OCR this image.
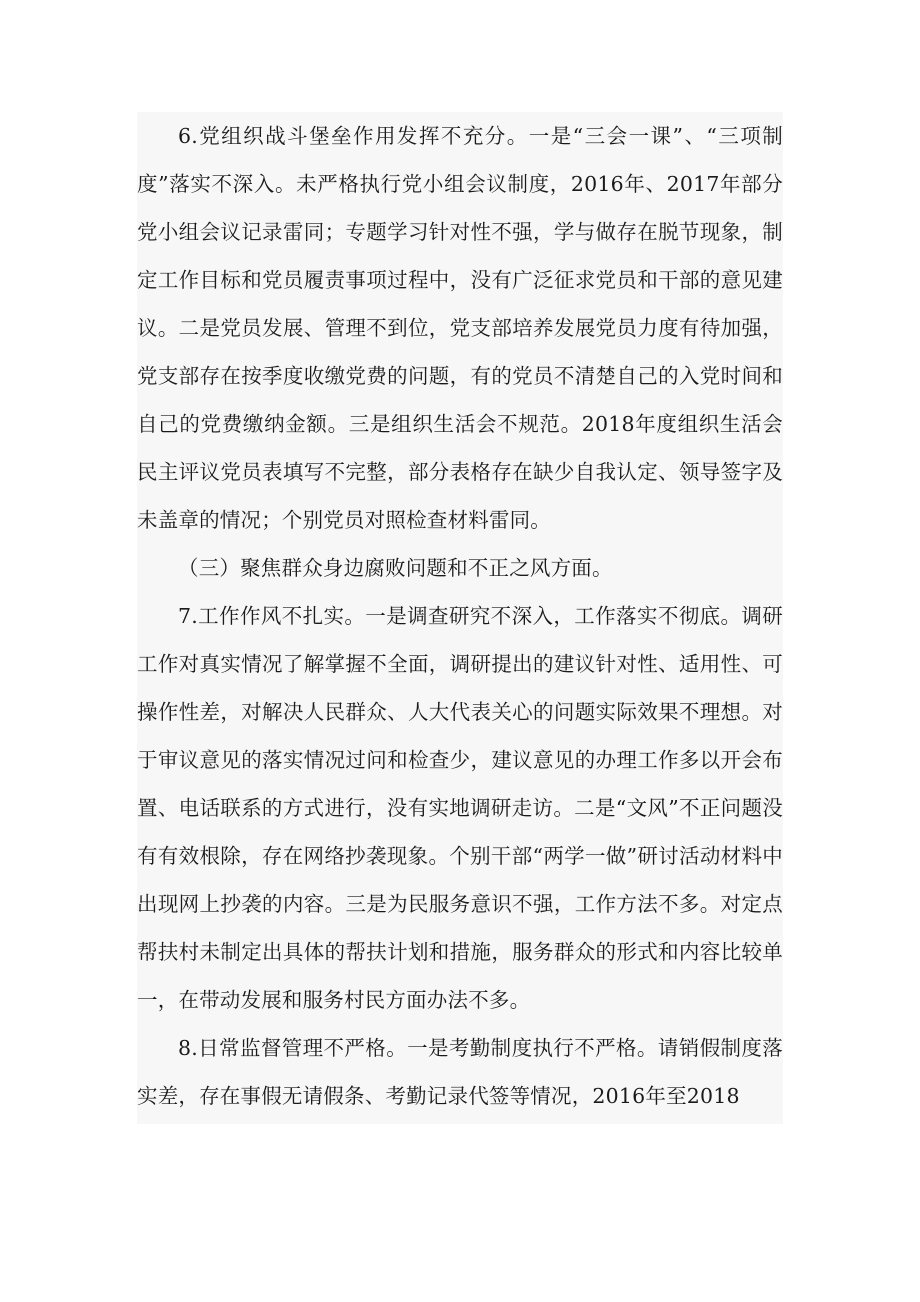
6.党组织战斗堡垒作用发挥不充分。一是“三会一课”、“三项制度”落实不深入。未严格执行党小组会议制度，2016年、2017年部分党小组会议记录雷同；专题学习针对性不强，学与做存在脱节现象，制定工作目标和党员履责事项过程中，没有广泛征求党员和干部的意见建议。二是党员发展、管理不到位，党支部培养发展党员力度有待加强，党支部存在按季度收缴党费的问题，有的党员不清楚自己的入党时间和自己的党费缴纳金额。三是组织生活会不规范。2018年度组织生活会民主评议党员表填写不完整，部分表格存在缺少自我认定、领导签字及未盖章的情况；个别党员对照检查材料雷同。

（三）聚焦群众身边腐败问题和不正之风方面。

7.工作作风不扎实。一是调查研究不深入，工作落实不彻底。调研工作对真实情况了解掌握不全面，调研提出的建议针对性、适用性、可操作性差，对解决人民群众、人大代表关心的问题实际效果不理想。对于审议意见的落实情况过问和检查少，建议意见的办理工作多以开会布置、电话联系的方式进行，没有实地调研走访。二是“文风”不正问题没有有效根除，存在网络抄袭现象。个别干部“两学一做”研讨活动材料中出现网上抄袭的内容。三是为民服务意识不强，工作方法不多。对定点帮扶村未制定出具体的帮扶计划和措施，服务群众的形式和内容比较单一，在带动发展和服务村民方面办法不多。

8.日常监督管理不严格。一是考勤制度执行不严格。请销假制度落实差，存在事假无请假条、考勤记录代签等情况，2016年至2018
